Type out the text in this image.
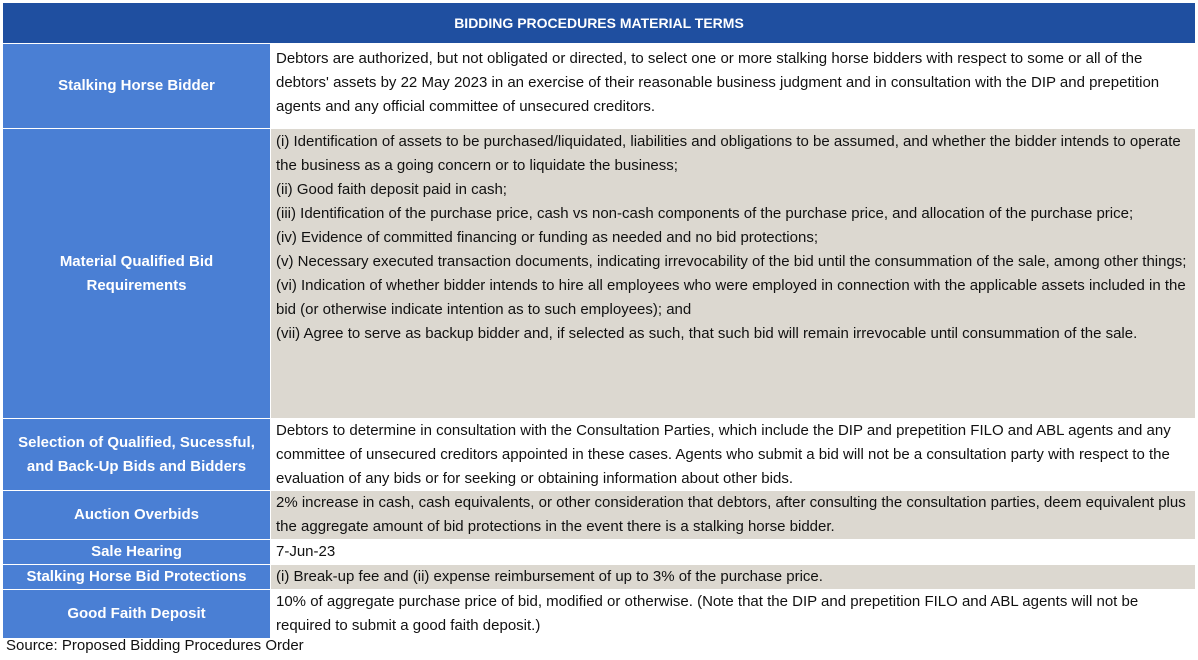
BIDDING PROCEDURES MATERIAL TERMS
Stalking Horse Bidder
Debtors are authorized, but not obligated or directed, to select one or more stalking horse bidders with respect to some or all of the debtors' assets by 22 May 2023 in an exercise of their reasonable business judgment and in consultation with the DIP and prepetition agents and any official committee of unsecured creditors.
Material Qualified Bid Requirements
(i) Identification of assets to be purchased/liquidated, liabilities and obligations to be assumed, and whether the bidder intends to operate the business as a going concern or to liquidate the business;
(ii) Good faith deposit paid in cash;
(iii) Identification of the purchase price, cash vs non-cash components of the purchase price, and allocation of the purchase price;
(iv) Evidence of committed financing or funding as needed and no bid protections;
(v) Necessary executed transaction documents, indicating irrevocability of the bid until the consummation of the sale, among other things;
(vi) Indication of whether bidder intends to hire all employees who were employed in connection with the applicable assets included in the bid (or otherwise indicate intention as to such employees); and
(vii) Agree to serve as backup bidder and, if selected as such, that such bid will remain irrevocable until consummation of the sale.
Selection of Qualified, Sucessful, and Back-Up Bids and Bidders
Debtors to determine in consultation with the Consultation Parties, which include the DIP and prepetition FILO and ABL agents and any committee of unsecured creditors appointed in these cases. Agents who submit a bid will not be a consultation party with respect to the evaluation of any bids or for seeking or obtaining information about other bids.
Auction Overbids
2% increase in cash, cash equivalents, or other consideration that debtors, after consulting the consultation parties, deem equivalent plus the aggregate amount of bid protections in the event there is a stalking horse bidder.
Sale Hearing	7-Jun-23
Stalking Horse Bid Protections	(i) Break-up fee and (ii) expense reimbursement of up to 3% of the purchase price.
Good Faith Deposit
10% of aggregate purchase price of bid, modified or otherwise. (Note that the DIP and prepetition FILO and ABL agents will not be required to submit a good faith deposit.)
Source: Proposed Bidding Procedures Order
